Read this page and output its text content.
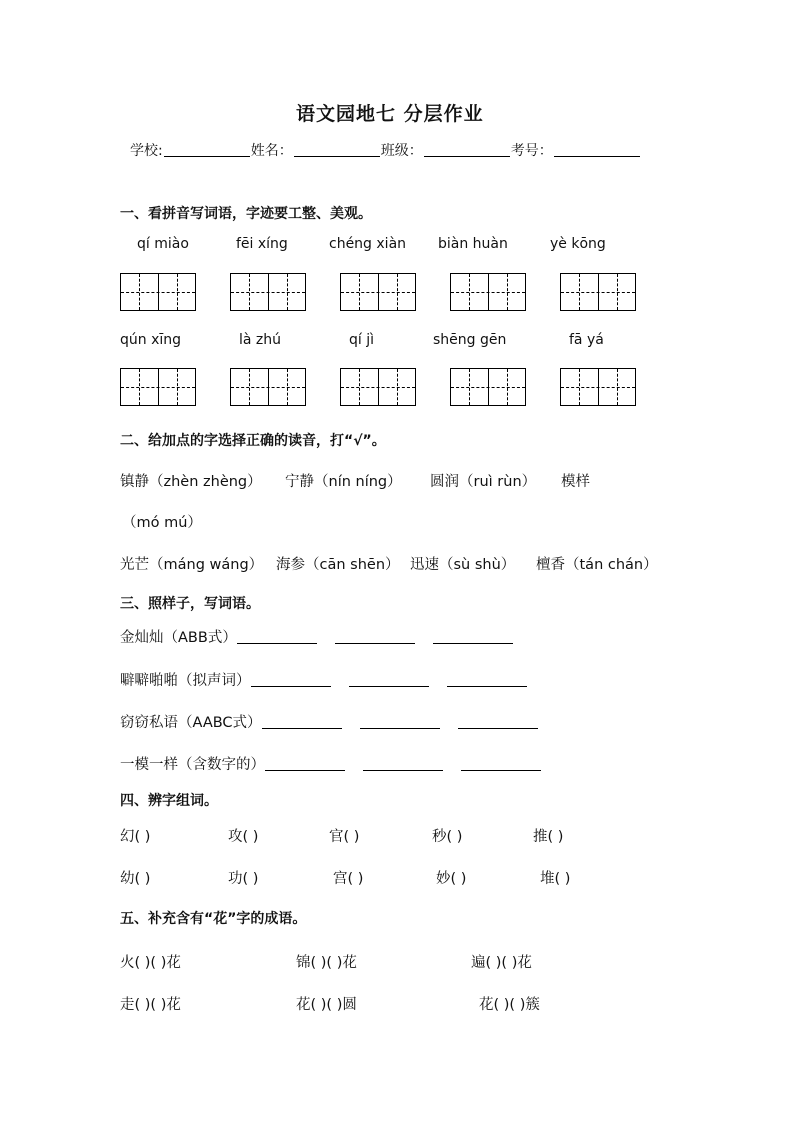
语文园地七 分层作业
学校:	姓名：	班级：	考号：
一、看拼音写词语，字迹要工整、美观。
qí miào	fēi xíng	chéng xiàn biàn huàn	yè kōng
qún xīng	là zhú	qí jì	shēng gēn	fā yá
二、给加点的字选择正确的读音，打“√”。
镇静（zhèn zhèng） 宁静（nín níng） 圆润（ruì rùn） 模样
（mó mú）
光芒（máng wáng） 海参（cān shēn） 迅速（sù shù） 檀香（tán chán）
三、照样子，写词语。
金灿灿（ABB式）
噼噼啪啪（拟声词）
窃窃私语（AABC式）
一模一样（含数字的）
四、辨字组词。
幻( )	攻( )	官( )	秒( )	推( )
幼( )	功( )	宫( )	妙( )	堆( )
五、补充含有“花”字的成语。
火( )( )花	锦( )( )花	遍( )( )花
走( )( )花	花( )( )圆	花( )( )簇
